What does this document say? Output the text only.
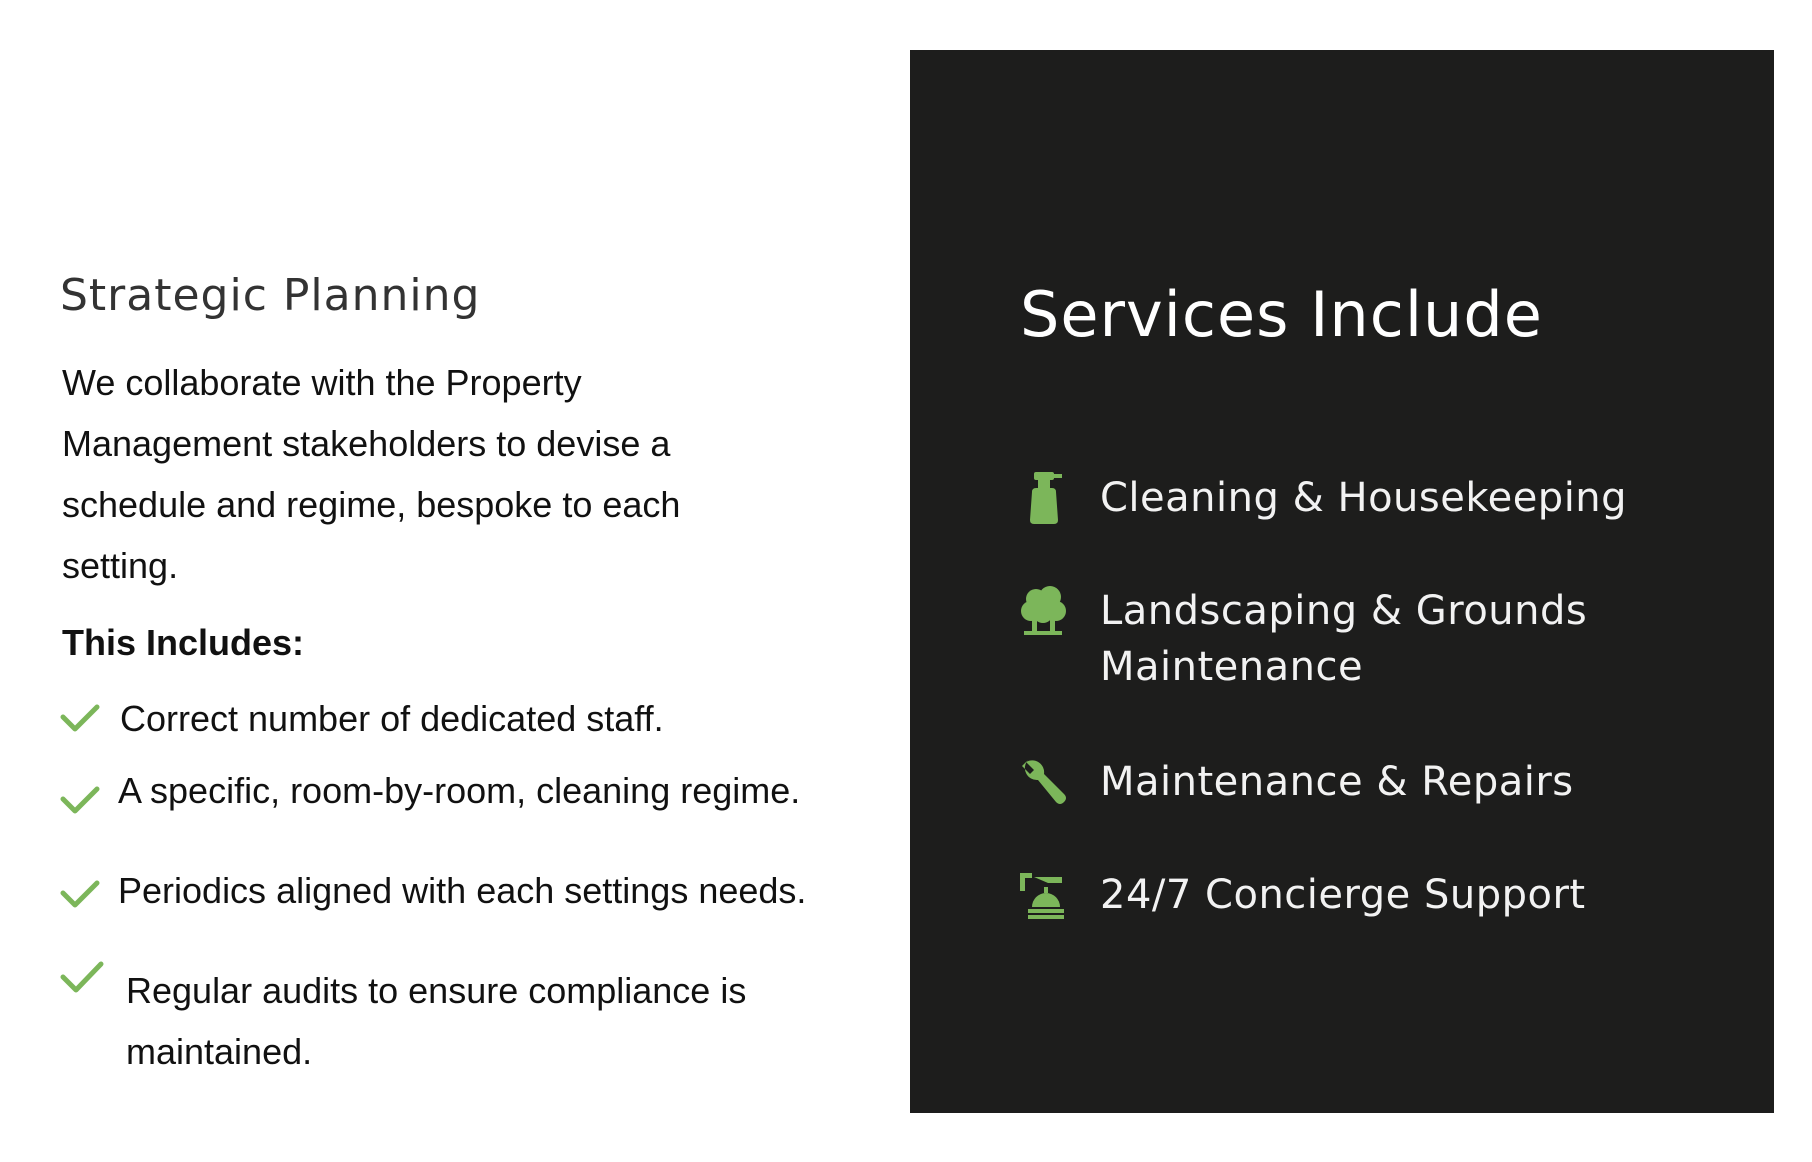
Strategic Planning

We collaborate with the Property Management stakeholders to devise a schedule and regime, bespoke to each setting.

This Includes:

Correct number of dedicated staff.
A specific, room-by-room, cleaning regime.
Periodics aligned with each settings needs.
Regular audits to ensure compliance is maintained.
Services Include
Cleaning & Housekeeping
Landscaping & Grounds Maintenance
Maintenance & Repairs
24/7 Concierge Support
